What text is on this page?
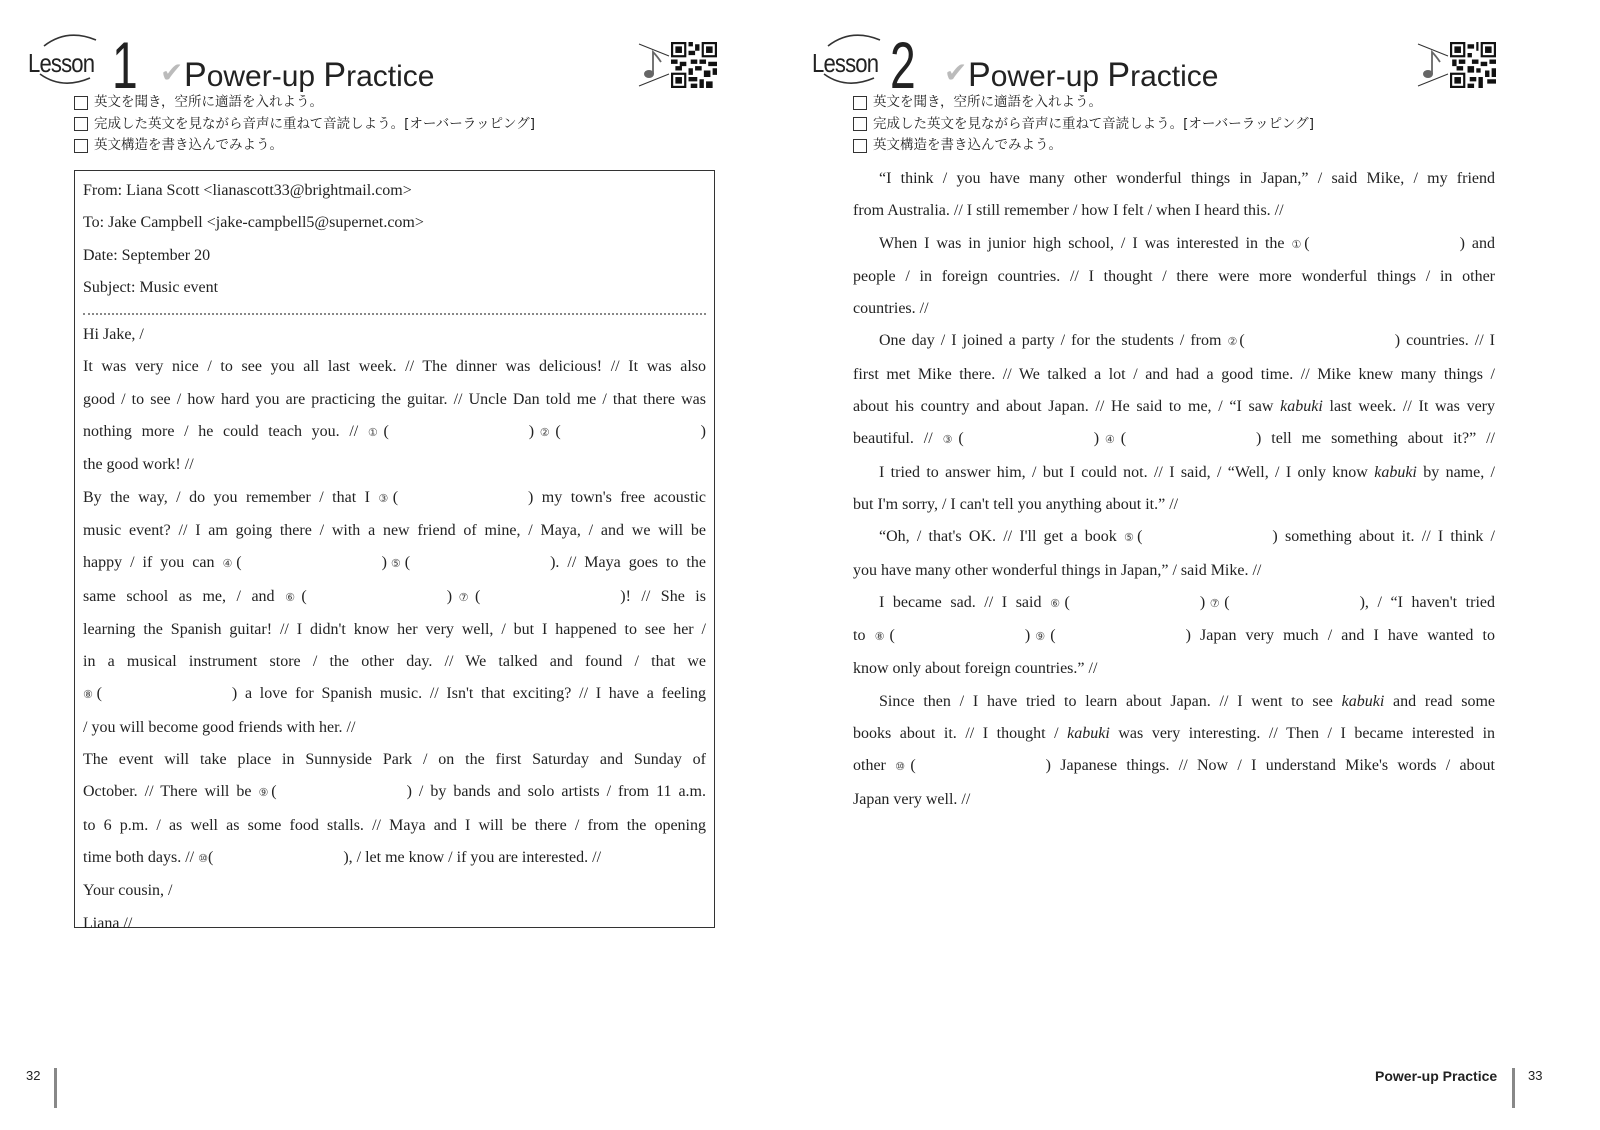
Lesson 1 ✔ Power-up Practice
英文を聞き，空所に適語を入れよう。
完成した英文を見ながら音声に重ねて音読しよう。[オーバーラッピング]
英文構造を書き込んでみよう。
From: Liana Scott <lianascott33@brightmail.com>
To: Jake Campbell <jake-campbell5@supernet.com>
Date: September 20
Subject: Music event
Hi Jake, /
It was very nice / to see you all last week. // The dinner was delicious! // It was also
good / to see / how hard you are practicing the guitar. // Uncle Dan told me / that there was
nothing more / he could teach you. // ①(	)②(	)
the good work! //
By the way, / do you remember / that I ③(	) my town's free acoustic
music event? // I am going there / with a new friend of mine, / Maya, / and we will be
happy / if you can ④(	)⑤(	). // Maya goes to the
same school as me, / and ⑥(	)⑦(	)! // She is
learning the Spanish guitar! // I didn't know her very well, / but I happened to see her /
in a musical instrument store / the other day. // We talked and found / that we
⑧(	) a love for Spanish music. // Isn't that exciting? // I have a feeling
/ you will become good friends with her. //
The event will take place in Sunnyside Park / on the first Saturday and Sunday of
October. // There will be ⑨(	) / by bands and solo artists / from 11 a.m.
to 6 p.m. / as well as some food stalls. // Maya and I will be there / from the opening
time both days. // ⑩(	), / let me know / if you are interested. //
Your cousin, /
Liana //
32
Lesson 2 ✔ Power-up Practice
英文を聞き，空所に適語を入れよう。
完成した英文を見ながら音声に重ねて音読しよう。[オーバーラッピング]
英文構造を書き込んでみよう。
“I think / you have many other wonderful things in Japan,” / said Mike, / my friend
from Australia. // I still remember / how I felt / when I heard this. //
When I was in junior high school, / I was interested in the ①(	) and
people / in foreign countries. // I thought / there were more wonderful things / in other
countries. //
One day / I joined a party / for the students / from ②(	) countries. // I
first met Mike there. // We talked a lot / and had a good time. // Mike knew many things /
about his country and about Japan. // He said to me, / “I saw kabuki last week. // It was very
beautiful. // ③(	)④(	) tell me something about it?” //
I tried to answer him, / but I could not. // I said, / “Well, / I only know kabuki by name, /
but I'm sorry, / I can't tell you anything about it.” //
“Oh, / that's OK. // I'll get a book ⑤(	) something about it. // I think /
you have many other wonderful things in Japan,” / said Mike. //
I became sad. // I said ⑥(	)⑦(	), / “I haven't tried
to ⑧(	)⑨(	) Japan very much / and I have wanted to
know only about foreign countries.” //
Since then / I have tried to learn about Japan. // I went to see kabuki and read some
books about it. // I thought / kabuki was very interesting. // Then / I became interested in
other ⑩(	) Japanese things. // Now / I understand Mike's words / about
Japan very well. //
Power-up Practice 33
